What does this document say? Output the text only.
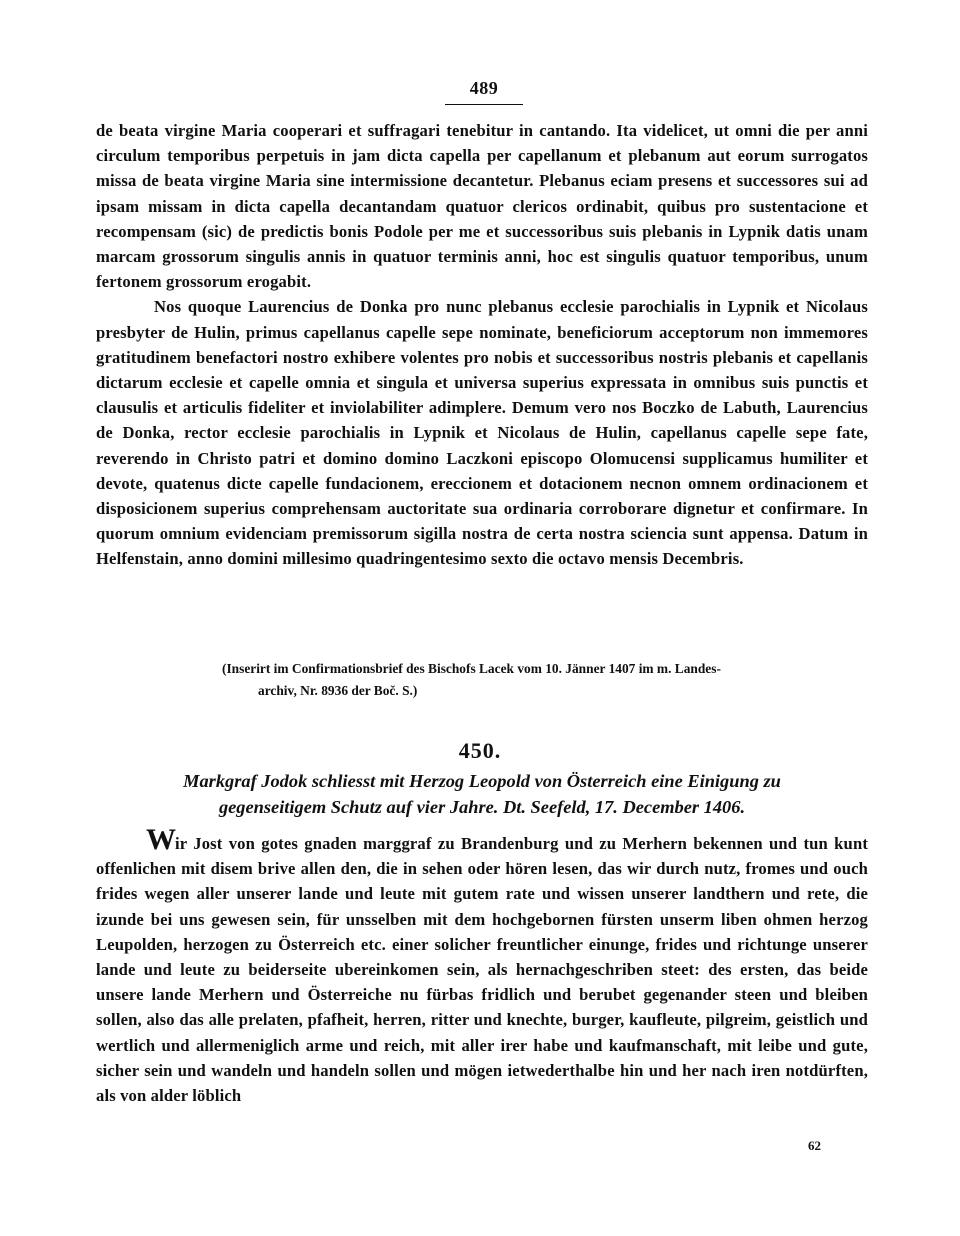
489

de beata virgine Maria cooperari et suffragari tenebitur in cantando. Ita videlicet, ut omni die per anni circulum temporibus perpetuis in jam dicta capella per capellanum et plebanum aut eorum surrogatos missa de beata virgine Maria sine intermissione decantetur. Plebanus eciam presens et successores sui ad ipsam missam in dicta capella decantandam quatuor clericos ordinabit, quibus pro sustentacione et recompensam (sic) de predictis bonis Podole per me et successoribus suis plebanis in Lypnik datis unam marcam grossorum singulis annis in quatuor terminis anni, hoc est singulis quatuor temporibus, unum fertonem grossorum erogabit.

Nos quoque Laurencius de Donka pro nunc plebanus ecclesie parochialis in Lypnik et Nicolaus presbyter de Hulin, primus capellanus capelle sepe nominate, beneficiorum acceptorum non immemores gratitudinem benefactori nostro exhibere volentes pro nobis et successoribus nostris plebanis et capellanis dictarum ecclesie et capelle omnia et singula et universa superius expressata in omnibus suis punctis et clausulis et articulis fideliter et inviolabiliter adimplere. Demum vero nos Boczko de Labuth, Laurencius de Donka, rector ecclesie parochialis in Lypnik et Nicolaus de Hulin, capellanus capelle sepe fate, reverendo in Christo patri et domino domino Laczkoni episcopo Olomucensi supplicamus humiliter et devote, quatenus dicte capelle fundacionem, ereccionem et dotacionem necnon omnem ordinacionem et disposicionem superius comprehensam auctoritate sua ordinaria corroborare dignetur et confirmare. In quorum omnium evidenciam premissorum sigilla nostra de certa nostra sciencia sunt appensa. Datum in Helfenstain, anno domini millesimo quadringentesimo sexto die octavo mensis Decembris.

(Inserirt im Confirmationsbrief des Bischofs Lacek vom 10. Jänner 1407 im m. Landes-
archiv, Nr. 8936 der Boč. S.)

450.

Markgraf Jodok schliesst mit Herzog Leopold von Österreich eine Einigung zu
gegenseitigem Schutz auf vier Jahre. Dt. Seefeld, 17. December 1406.

Wir Jost von gotes gnaden marggraf zu Brandenburg und zu Merhern bekennen und tun kunt offenlichen mit disem brive allen den, die in sehen oder hören lesen, das wir durch nutz, fromes und ouch frides wegen aller unserer lande und leute mit gutem rate und wissen unserer landthern und rete, die izunde bei uns gewesen sein, für unsselben mit dem hochgebornen fürsten unserm liben ohmen herzog Leupolden, herzogen zu Österreich etc. einer solicher freuntlicher einunge, frides und richtunge unserer lande und leute zu beiderseite ubereinkomen sein, als hernachgeschriben steet: des ersten, das beide unsere lande Merhern und Österreiche nu fürbas fridlich und berubet gegenander steen und bleiben sollen, also das alle prelaten, pfafheit, herren, ritter und knechte, burger, kaufleute, pilgreim, geistlich und wertlich und allermeniglich arme und reich, mit aller irer habe und kaufmanschaft, mit leibe und gute, sicher sein und wandeln und handeln sollen und mögen ietwederthalbe hin und her nach iren notdürften, als von alder löblich

62
